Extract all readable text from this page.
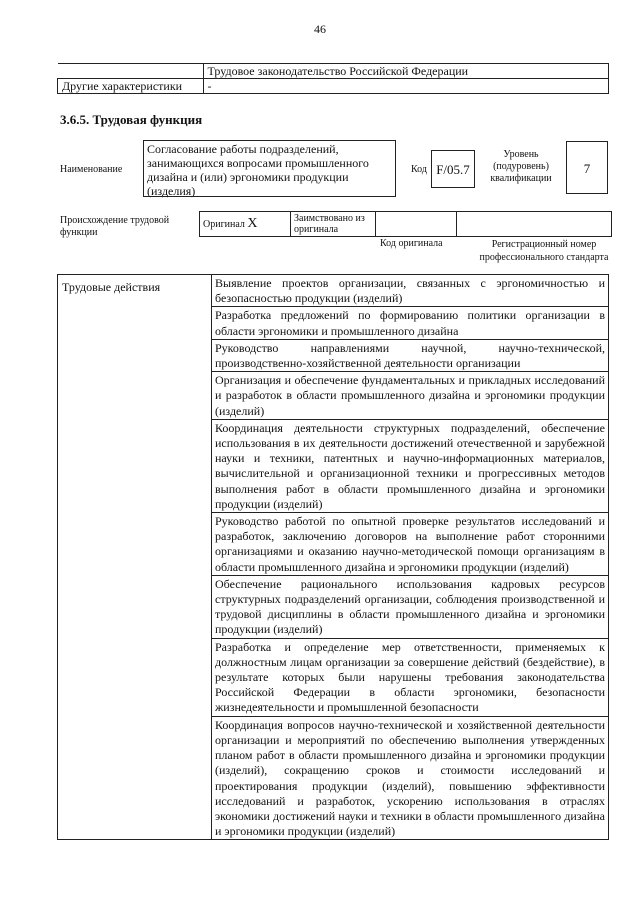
46
	Трудовое законодательство Российской Федерации
Другие характеристики	-
3.6.5. Трудовая функция
Наименование
Согласование работы подразделений, занимающихся вопросами промышленного дизайна и (или) эргономики продукции (изделия)
Код F/05.7
Уровень (подуровень) квалификации
7
Происхождение трудовой функции
Оригинал X	Заимствовано из оригинала		
Код оригинала	Регистрационный номер профессионального стандарта
Трудовые действия	Выявление проектов организации, связанных с эргономичностью и безопасностью продукции (изделий)
Разработка предложений по формированию политики организации в области эргономики и промышленного дизайна
Руководство направлениями научной, научно-технической, производственно-хозяйственной деятельности организации
Организация и обеспечение фундаментальных и прикладных исследований и разработок в области промышленного дизайна и эргономики продукции (изделий)
Координация деятельности структурных подразделений, обеспечение использования в их деятельности достижений отечественной и зарубежной науки и техники, патентных и научно-информационных материалов, вычислительной и организационной техники и прогрессивных методов выполнения работ в области промышленного дизайна и эргономики продукции (изделий)
Руководство работой по опытной проверке результатов исследований и разработок, заключению договоров на выполнение работ сторонними организациями и оказанию научно-методической помощи организациям в области промышленного дизайна и эргономики продукции (изделий)
Обеспечение рационального использования кадровых ресурсов структурных подразделений организации, соблюдения производственной и трудовой дисциплины в области промышленного дизайна и эргономики продукции (изделий)
Разработка и определение мер ответственности, применяемых к должностным лицам организации за совершение действий (бездействие), в результате которых были нарушены требования законодательства Российской Федерации в области эргономики, безопасности жизнедеятельности и промышленной безопасности
Координация вопросов научно-технической и хозяйственной деятельности организации и мероприятий по обеспечению выполнения утвержденных планом работ в области промышленного дизайна и эргономики продукции (изделий), сокращению сроков и стоимости исследований и проектирования продукции (изделий), повышению эффективности исследований и разработок, ускорению использования в отраслях экономики достижений науки и техники в области промышленного дизайна и эргономики продукции (изделий)
